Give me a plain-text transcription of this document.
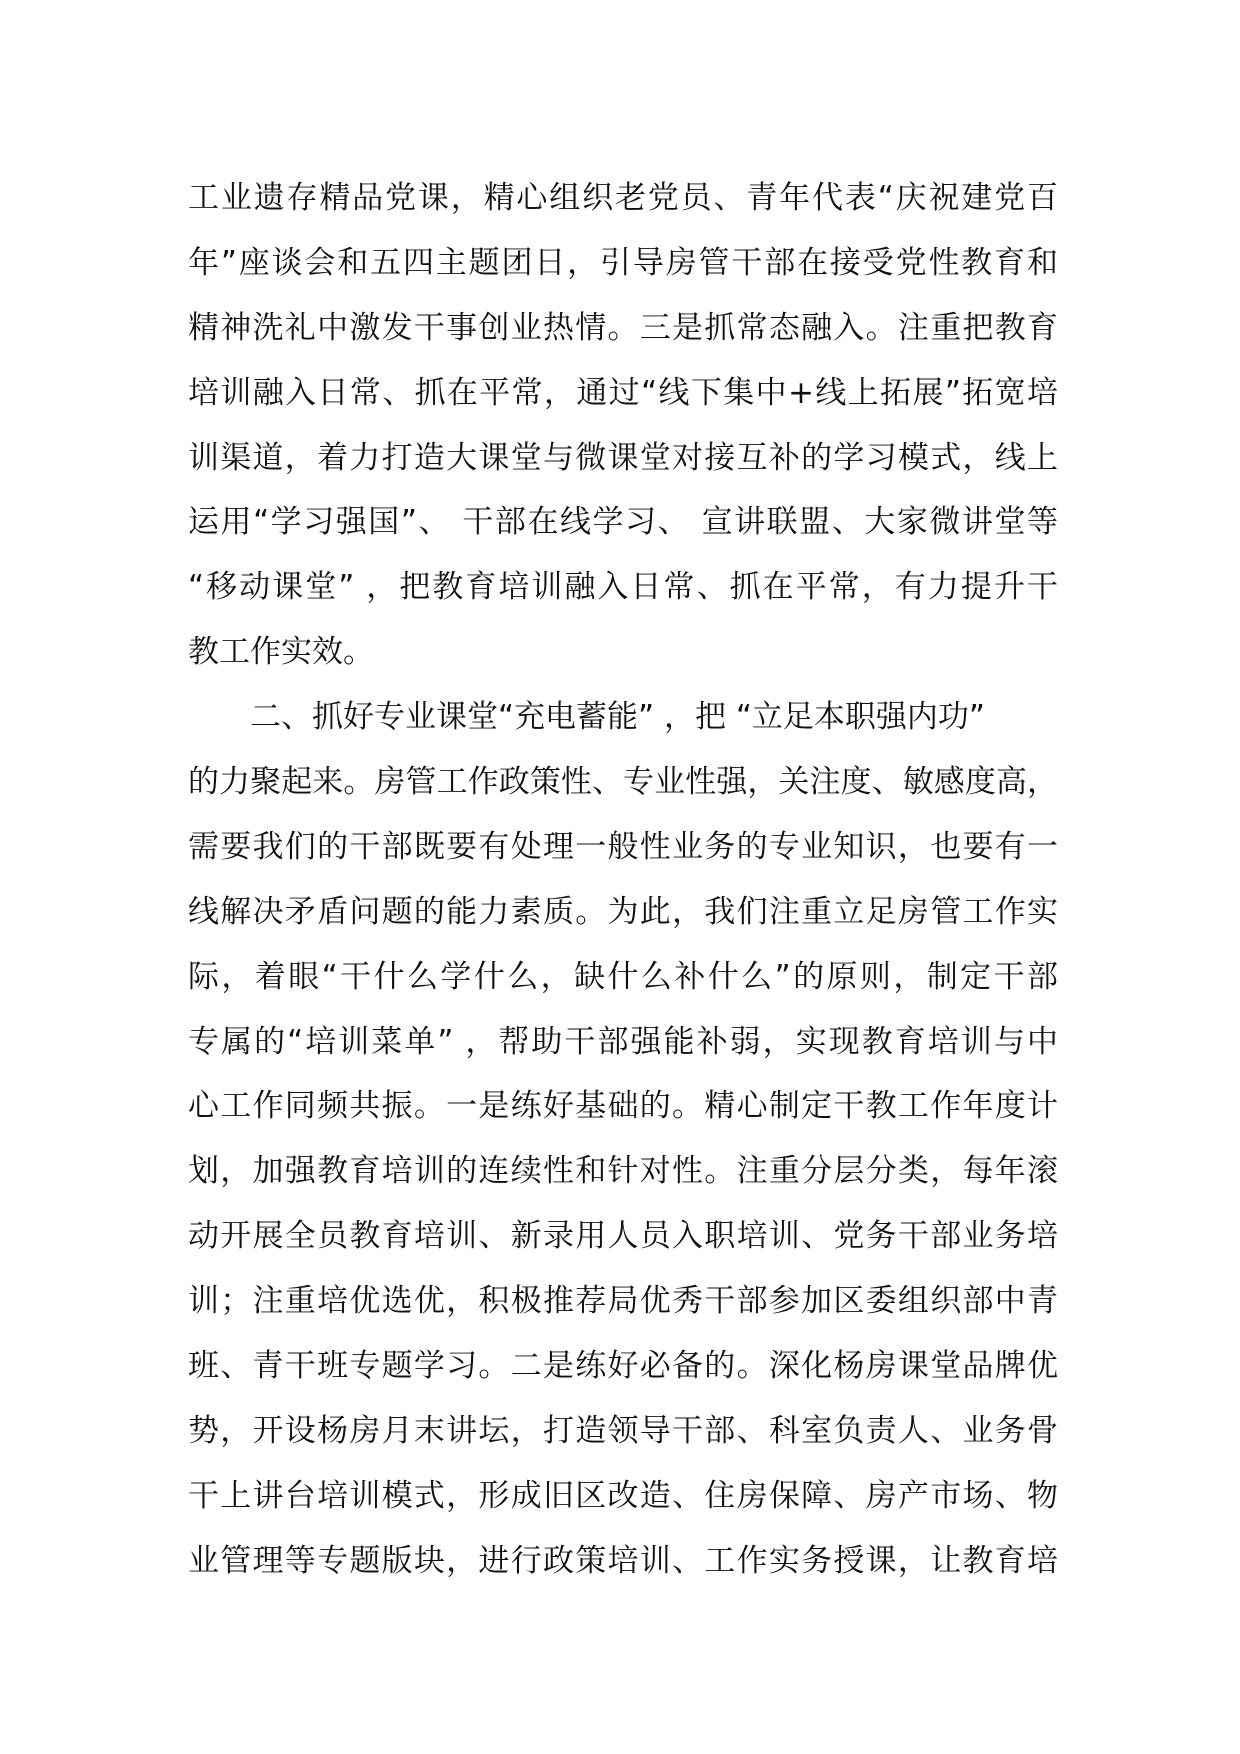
工业遗存精品党课，精心组织老党员、青年代表“庆祝建党百
年”座谈会和五四主题团日，引导房管干部在接受党性教育和
精神洗礼中激发干事创业热情。三是抓常态融入。注重把教育
培训融入日常、抓在平常，通过“线下集中+线上拓展”拓宽培
训渠道，着力打造大课堂与微课堂对接互补的学习模式，线上
运用“学习强国”、 干部在线学习、 宣讲联盟、大家微讲堂等
“移动课堂” ，把教育培训融入日常、抓在平常，有力提升干
教工作实效。
二、抓好专业课堂“充电蓄能” ，把 “立足本职强内功”
的力聚起来。房管工作政策性、专业性强，关注度、敏感度高，
需要我们的干部既要有处理一般性业务的专业知识，也要有一
线解决矛盾问题的能力素质。为此，我们注重立足房管工作实
际，着眼“干什么学什么，缺什么补什么”的原则，制定干部
专属的“培训菜单” ，帮助干部强能补弱，实现教育培训与中
心工作同频共振。一是练好基础的。精心制定干教工作年度计
划，加强教育培训的连续性和针对性。注重分层分类，每年滚
动开展全员教育培训、新录用人员入职培训、党务干部业务培
训；注重培优选优，积极推荐局优秀干部参加区委组织部中青
班、青干班专题学习。二是练好必备的。深化杨房课堂品牌优
势，开设杨房月末讲坛，打造领导干部、科室负责人、业务骨
干上讲台培训模式，形成旧区改造、住房保障、房产市场、物
业管理等专题版块，进行政策培训、工作实务授课，让教育培
